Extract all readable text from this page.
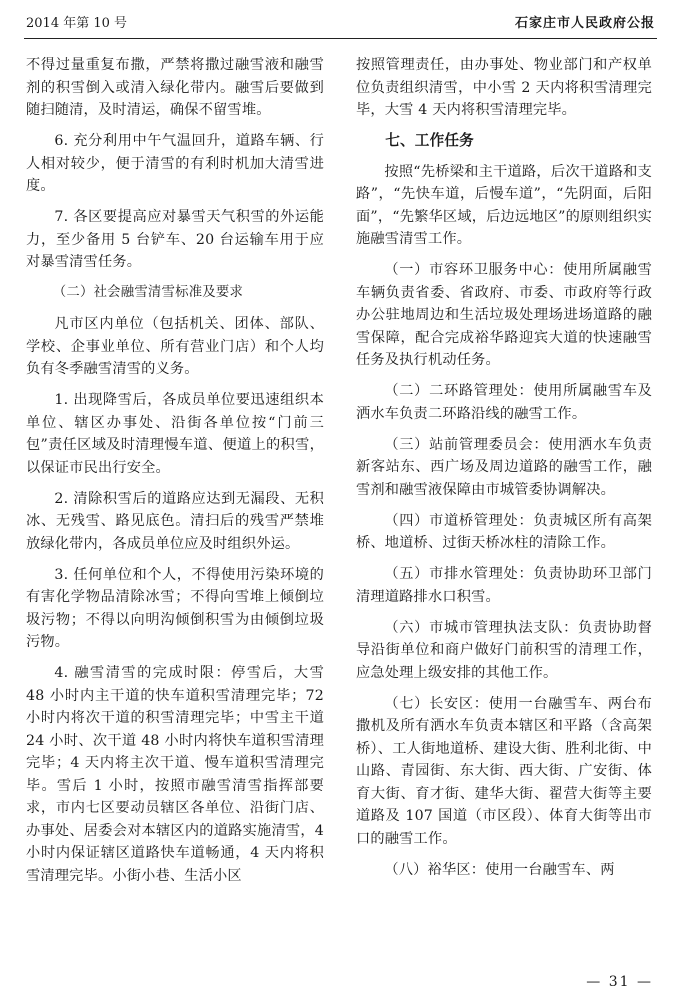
2014 年第 10 号	石家庄市人民政府公报

不得过量重复布撒，严禁将撒过融雪液和融雪剂的积雪倒入或清入绿化带内。融雪后要做到随扫随清，及时清运，确保不留雪堆。

6. 充分利用中午气温回升，道路车辆、行人相对较少，便于清雪的有利时机加大清雪进度。

7. 各区要提高应对暴雪天气积雪的外运能力，至少备用 5 台铲车、20 台运输车用于应对暴雪清雪任务。

（二）社会融雪清雪标准及要求

凡市区内单位（包括机关、团体、部队、学校、企事业单位、所有营业门店）和个人均负有冬季融雪清雪的义务。

1. 出现降雪后，各成员单位要迅速组织本单位、辖区办事处、沿街各单位按“门前三包”责任区域及时清理慢车道、便道上的积雪，以保证市民出行安全。

2. 清除积雪后的道路应达到无漏段、无积冰、无残雪、路见底色。清扫后的残雪严禁堆放绿化带内，各成员单位应及时组织外运。

3. 任何单位和个人，不得使用污染环境的有害化学物品清除冰雪；不得向雪堆上倾倒垃圾污物；不得以向明沟倾倒积雪为由倾倒垃圾污物。

4. 融雪清雪的完成时限：停雪后，大雪 48 小时内主干道的快车道积雪清理完毕；72 小时内将次干道的积雪清理完毕；中雪主干道 24 小时、次干道 48 小时内将快车道积雪清理完毕；4 天内将主次干道、慢车道积雪清理完毕。雪后 1 小时，按照市融雪清雪指挥部要求，市内七区要动员辖区各单位、沿街门店、办事处、居委会对本辖区内的道路实施清雪，4 小时内保证辖区道路快车道畅通，4 天内将积雪清理完毕。小街小巷、生活小区

按照管理责任，由办事处、物业部门和产权单位负责组织清雪，中小雪 2 天内将积雪清理完毕，大雪 4 天内将积雪清理完毕。

七、工作任务

按照“先桥梁和主干道路，后次干道路和支路”，“先快车道，后慢车道”，“先阴面，后阳面”，“先繁华区域，后边远地区”的原则组织实施融雪清雪工作。

（一）市容环卫服务中心：使用所属融雪车辆负责省委、省政府、市委、市政府等行政办公驻地周边和生活垃圾处理场进场道路的融雪保障，配合完成裕华路迎宾大道的快速融雪任务及执行机动任务。

（二）二环路管理处：使用所属融雪车及洒水车负责二环路沿线的融雪工作。

（三）站前管理委员会：使用洒水车负责新客站东、西广场及周边道路的融雪工作，融雪剂和融雪液保障由市城管委协调解决。

（四）市道桥管理处：负责城区所有高架桥、地道桥、过街天桥冰柱的清除工作。

（五）市排水管理处：负责协助环卫部门清理道路排水口积雪。

（六）市城市管理执法支队：负责协助督导沿街单位和商户做好门前积雪的清理工作，应急处理上级安排的其他工作。

（七）长安区：使用一台融雪车、两台布撒机及所有洒水车负责本辖区和平路（含高架桥）、工人街地道桥、建设大街、胜利北街、中山路、青园街、东大街、西大街、广安街、体育大街、育才街、建华大街、翟营大街等主要道路及 107 国道（市区段）、体育大街等出市口的融雪工作。

（八）裕华区：使用一台融雪车、两

— 31 —
